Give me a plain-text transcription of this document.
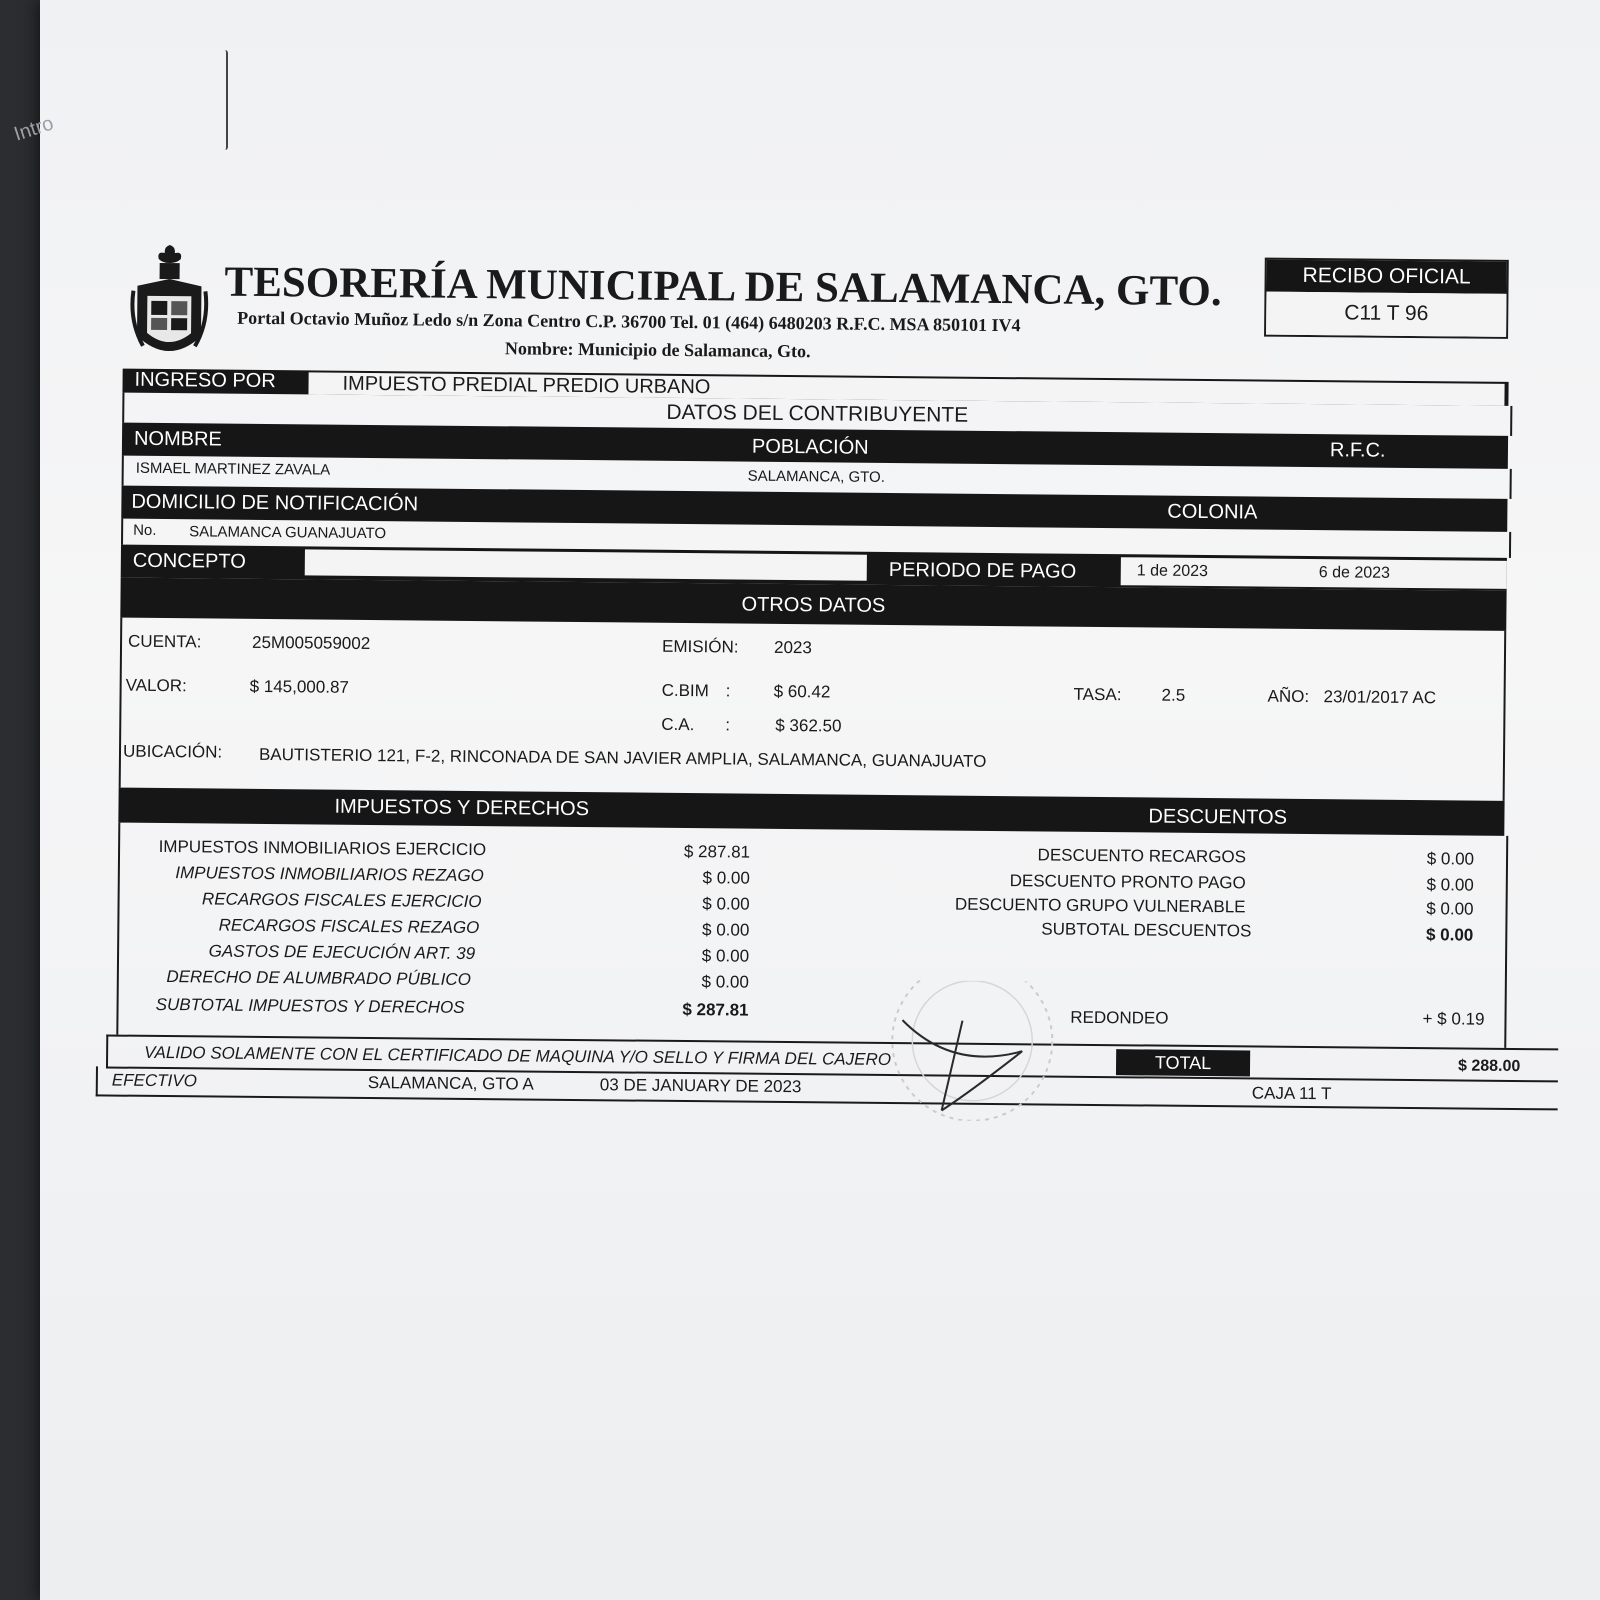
Intro
TESORERÍA MUNICIPAL DE SALAMANCA, GTO.
Portal Octavio Muñoz Ledo s/n Zona Centro C.P. 36700 Tel. 01 (464) 6480203 R.F.C. MSA 850101 IV4
Nombre: Municipio de Salamanca, Gto.
RECIBO OFICIAL
C11 T 96
INGRESO POR	IMPUESTO PREDIAL PREDIO URBANO
DATOS DEL CONTRIBUYENTE
NOMBRE	POBLACIÓN	R.F.C.
ISMAEL MARTINEZ ZAVALA	SALAMANCA, GTO.
DOMICILIO DE NOTIFICACIÓN	COLONIA
No. SALAMANCA GUANAJUATO
CONCEPTO	PERIODO DE PAGO	1 de 2023	6 de 2023
OTROS DATOS
CUENTA:	25M005059002	EMISIÓN: 2023
VALOR:	$ 145,000.87	C.BIM :	$ 60.42	TASA: 2.5	AÑO: 23/01/2017 AC
C.A. :	$ 362.50
UBICACIÓN: BAUTISTERIO 121, F-2, RINCONADA DE SAN JAVIER AMPLIA, SALAMANCA, GUANAJUATO
IMPUESTOS Y DERECHOS	DESCUENTOS
IMPUESTOS INMOBILIARIOS EJERCICIO	$ 287.81
IMPUESTOS INMOBILIARIOS REZAGO	$ 0.00
RECARGOS FISCALES EJERCICIO	$ 0.00
RECARGOS FISCALES REZAGO	$ 0.00
GASTOS DE EJECUCIÓN ART. 39	$ 0.00
DERECHO DE ALUMBRADO PÚBLICO	$ 0.00
SUBTOTAL IMPUESTOS Y DERECHOS	$ 287.81
DESCUENTO RECARGOS	$ 0.00
DESCUENTO PRONTO PAGO	$ 0.00
DESCUENTO GRUPO VULNERABLE	$ 0.00
SUBTOTAL DESCUENTOS	$ 0.00
REDONDEO	+ $ 0.19
VALIDO SOLAMENTE CON EL CERTIFICADO DE MAQUINA Y/O SELLO Y FIRMA DEL CAJERO	TOTAL	$ 288.00
EFECTIVO	SALAMANCA, GTO A	03 DE JANUARY DE 2023	CAJA 11 T
